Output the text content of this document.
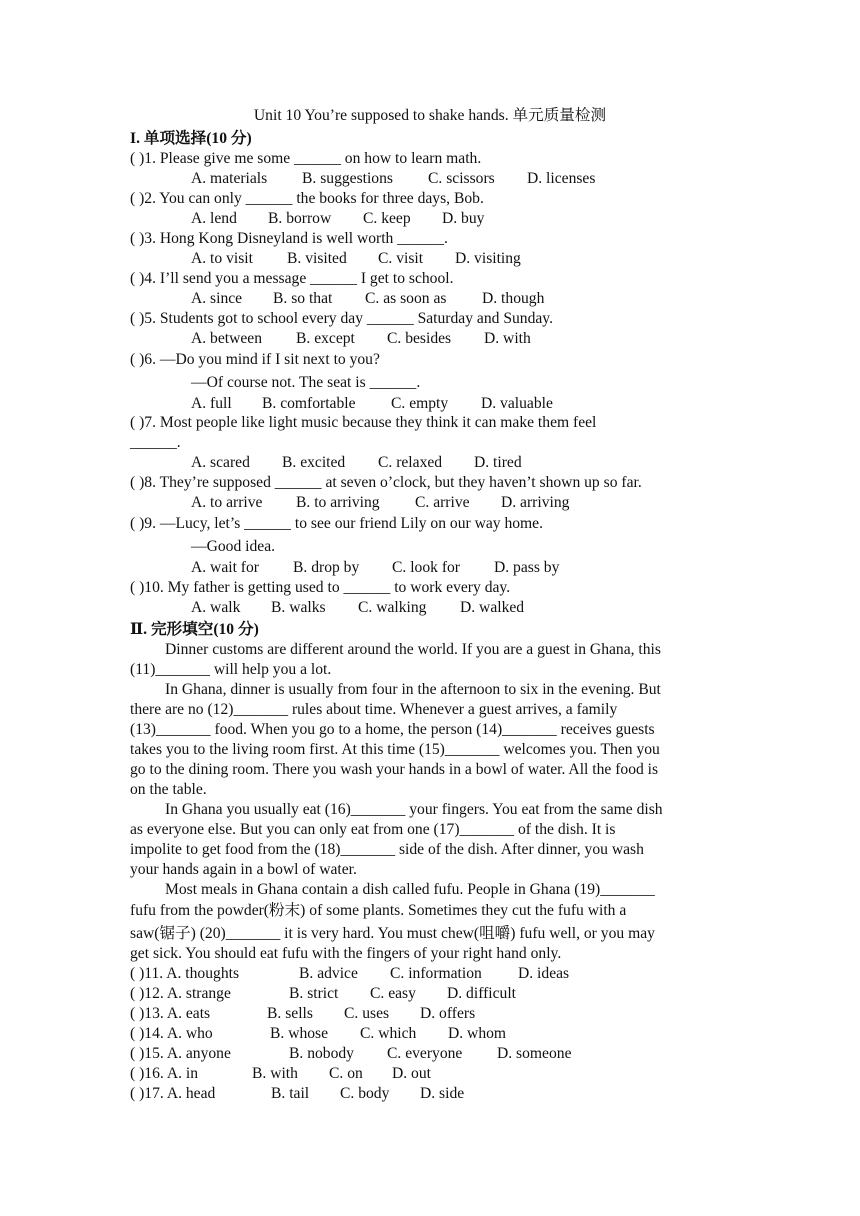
Unit 10 You’re supposed to shake hands. 单元质量检测
I. 单项选择(10 分)
( )1. Please give me some ______ on how to learn math.
A. materials B. suggestions C. scissors D. licenses
( )2. You can only ______ the books for three days, Bob.
A. lend B. borrow C. keep D. buy
( )3. Hong Kong Disneyland is well worth ______.
A. to visit B. visited C. visit D. visiting
( )4. I’ll send you a message ______ I get to school.
A. since B. so that C. as soon as D. though
( )5. Students got to school every day ______ Saturday and Sunday.
A. between B. except C. besides D. with
( )6. —Do you mind if I sit next to you?
—Of course not. The seat is ______.
A. full B. comfortable C. empty D. valuable
( )7. Most people like light music because they think it can make them feel
______.
A. scared B. excited C. relaxed D. tired
( )8. They’re supposed ______ at seven o’clock, but they haven’t shown up so far.
A. to arrive B. to arriving C. arrive D. arriving
( )9. —Lucy, let’s ______ to see our friend Lily on our way home.
—Good idea.
A. wait for B. drop by C. look for D. pass by
( )10. My father is getting used to ______ to work every day.
A. walk B. walks C. walking D. walked
Ⅱ. 完形填空(10 分)
Dinner customs are different around the world. If you are a guest in Ghana, this
(11)_______ will help you a lot.
In Ghana, dinner is usually from four in the afternoon to six in the evening. But
there are no (12)_______ rules about time. Whenever a guest arrives, a family
(13)_______ food. When you go to a home, the person (14)_______ receives guests
takes you to the living room first. At this time (15)_______ welcomes you. Then you
go to the dining room. There you wash your hands in a bowl of water. All the food is
on the table.
In Ghana you usually eat (16)_______ your fingers. You eat from the same dish
as everyone else. But you can only eat from one (17)_______ of the dish. It is
impolite to get food from the (18)_______ side of the dish. After dinner, you wash
your hands again in a bowl of water.
Most meals in Ghana contain a dish called fufu. People in Ghana (19)_______
fufu from the powder(粉末) of some plants. Sometimes they cut the fufu with a
saw(锯子) (20)_______ it is very hard. You must chew(咀嚼) fufu well, or you may
get sick. You should eat fufu with the fingers of your right hand only.
( )11. A. thoughts	B. advice C. information D. ideas
( )12. A. strange	B. strict C. easy D. difficult
( )13. A. eats	B. sells C. uses D. offers
( )14. A. who	B. whose C. which D. whom
( )15. A. anyone	B. nobody C. everyone D. someone
( )16. A. in	B. with C. on D. out
( )17. A. head	B. tail C. body D. side
